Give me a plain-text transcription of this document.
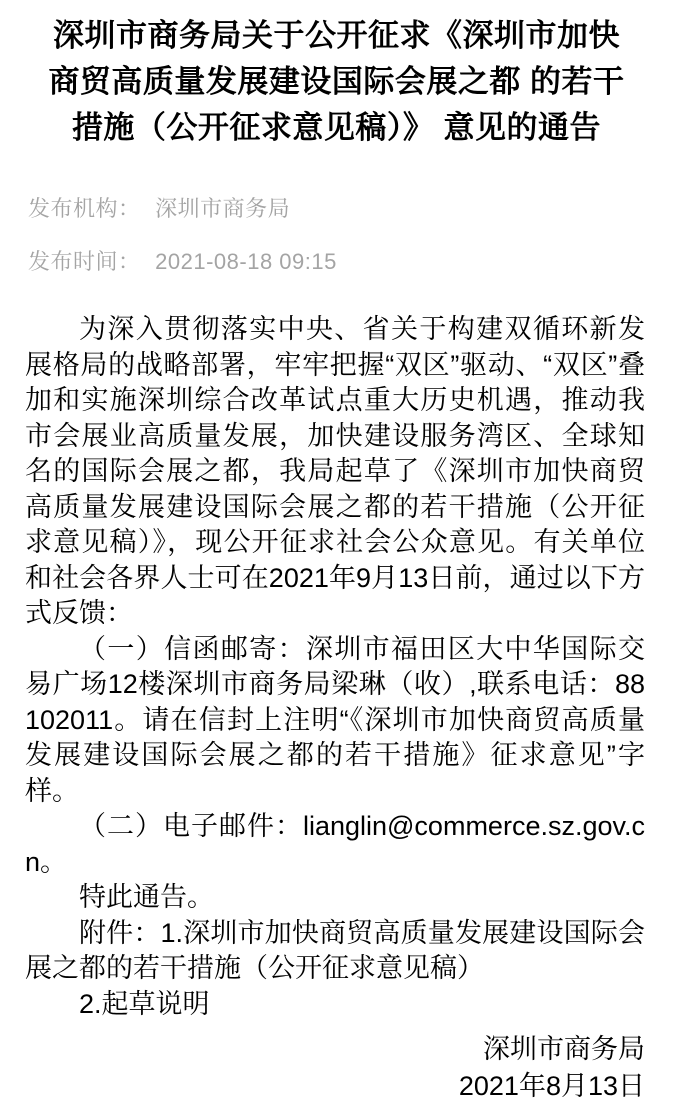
深圳市商务局关于公开征求《深圳市加快
商贸高质量发展建设国际会展之都 的若干
措施（公开征求意见稿）》 意见的通告
发布机构： 深圳市商务局
发布时间： 2021-08-18 09:15

为深入贯彻落实中央、省关于构建双循环新发展格局的战略部署，牢牢把握“双区”驱动、“双区”叠加和实施深圳综合改革试点重大历史机遇，推动我市会展业高质量发展，加快建设服务湾区、全球知名的国际会展之都，我局起草了《深圳市加快商贸高质量发展建设国际会展之都的若干措施（公开征求意见稿）》，现公开征求社会公众意见。有关单位和社会各界人士可在2021年9月13日前，通过以下方式反馈：

（一）信函邮寄：深圳市福田区大中华国际交易广场12楼深圳市商务局梁琳（收）,联系电话：88102011。请在信封上注明“《深圳市加快商贸高质量发展建设国际会展之都的若干措施》征求意见”字样。

（二）电子邮件：lianglin@commerce.sz.gov.cn。

特此通告。

附件：1.深圳市加快商贸高质量发展建设国际会展之都的若干措施（公开征求意见稿）

2.起草说明

深圳市商务局
2021年8月13日
